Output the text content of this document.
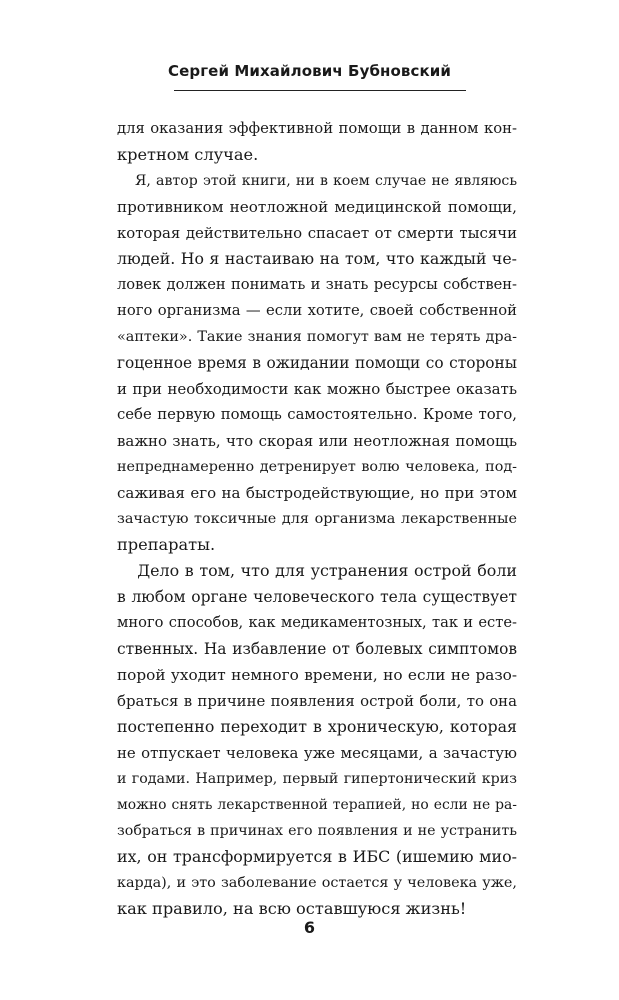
Сергей Михайлович Бубновский
для оказания эффективной помощи в данном кон-
кретном случае.
Я, автор этой книги, ни в коем случае не являюсь
противником неотложной медицинской помощи,
которая действительно спасает от смерти тысячи
людей. Но я настаиваю на том, что каждый че-
ловек должен понимать и знать ресурсы собствен-
ного организма — если хотите, своей собственной
«аптеки». Такие знания помогут вам не терять дра-
гоценное время в ожидании помощи со стороны
и при необходимости как можно быстрее оказать
себе первую помощь самостоятельно. Кроме того,
важно знать, что скорая или неотложная помощь
непреднамеренно детренирует волю человека, под-
саживая его на быстродействующие, но при этом
зачастую токсичные для организма лекарственные
препараты.
Дело в том, что для устранения острой боли
в любом органе человеческого тела существует
много способов, как медикаментозных, так и есте-
ственных. На избавление от болевых симптомов
порой уходит немного времени, но если не разо-
браться в причине появления острой боли, то она
постепенно переходит в хроническую, которая
не отпускает человека уже месяцами, а зачастую
и годами. Например, первый гипертонический криз
можно снять лекарственной терапией, но если не ра-
зобраться в причинах его появления и не устранить
их, он трансформируется в ИБС (ишемию мио-
карда), и это заболевание остается у человека уже,
как правило, на всю оставшуюся жизнь!
6
